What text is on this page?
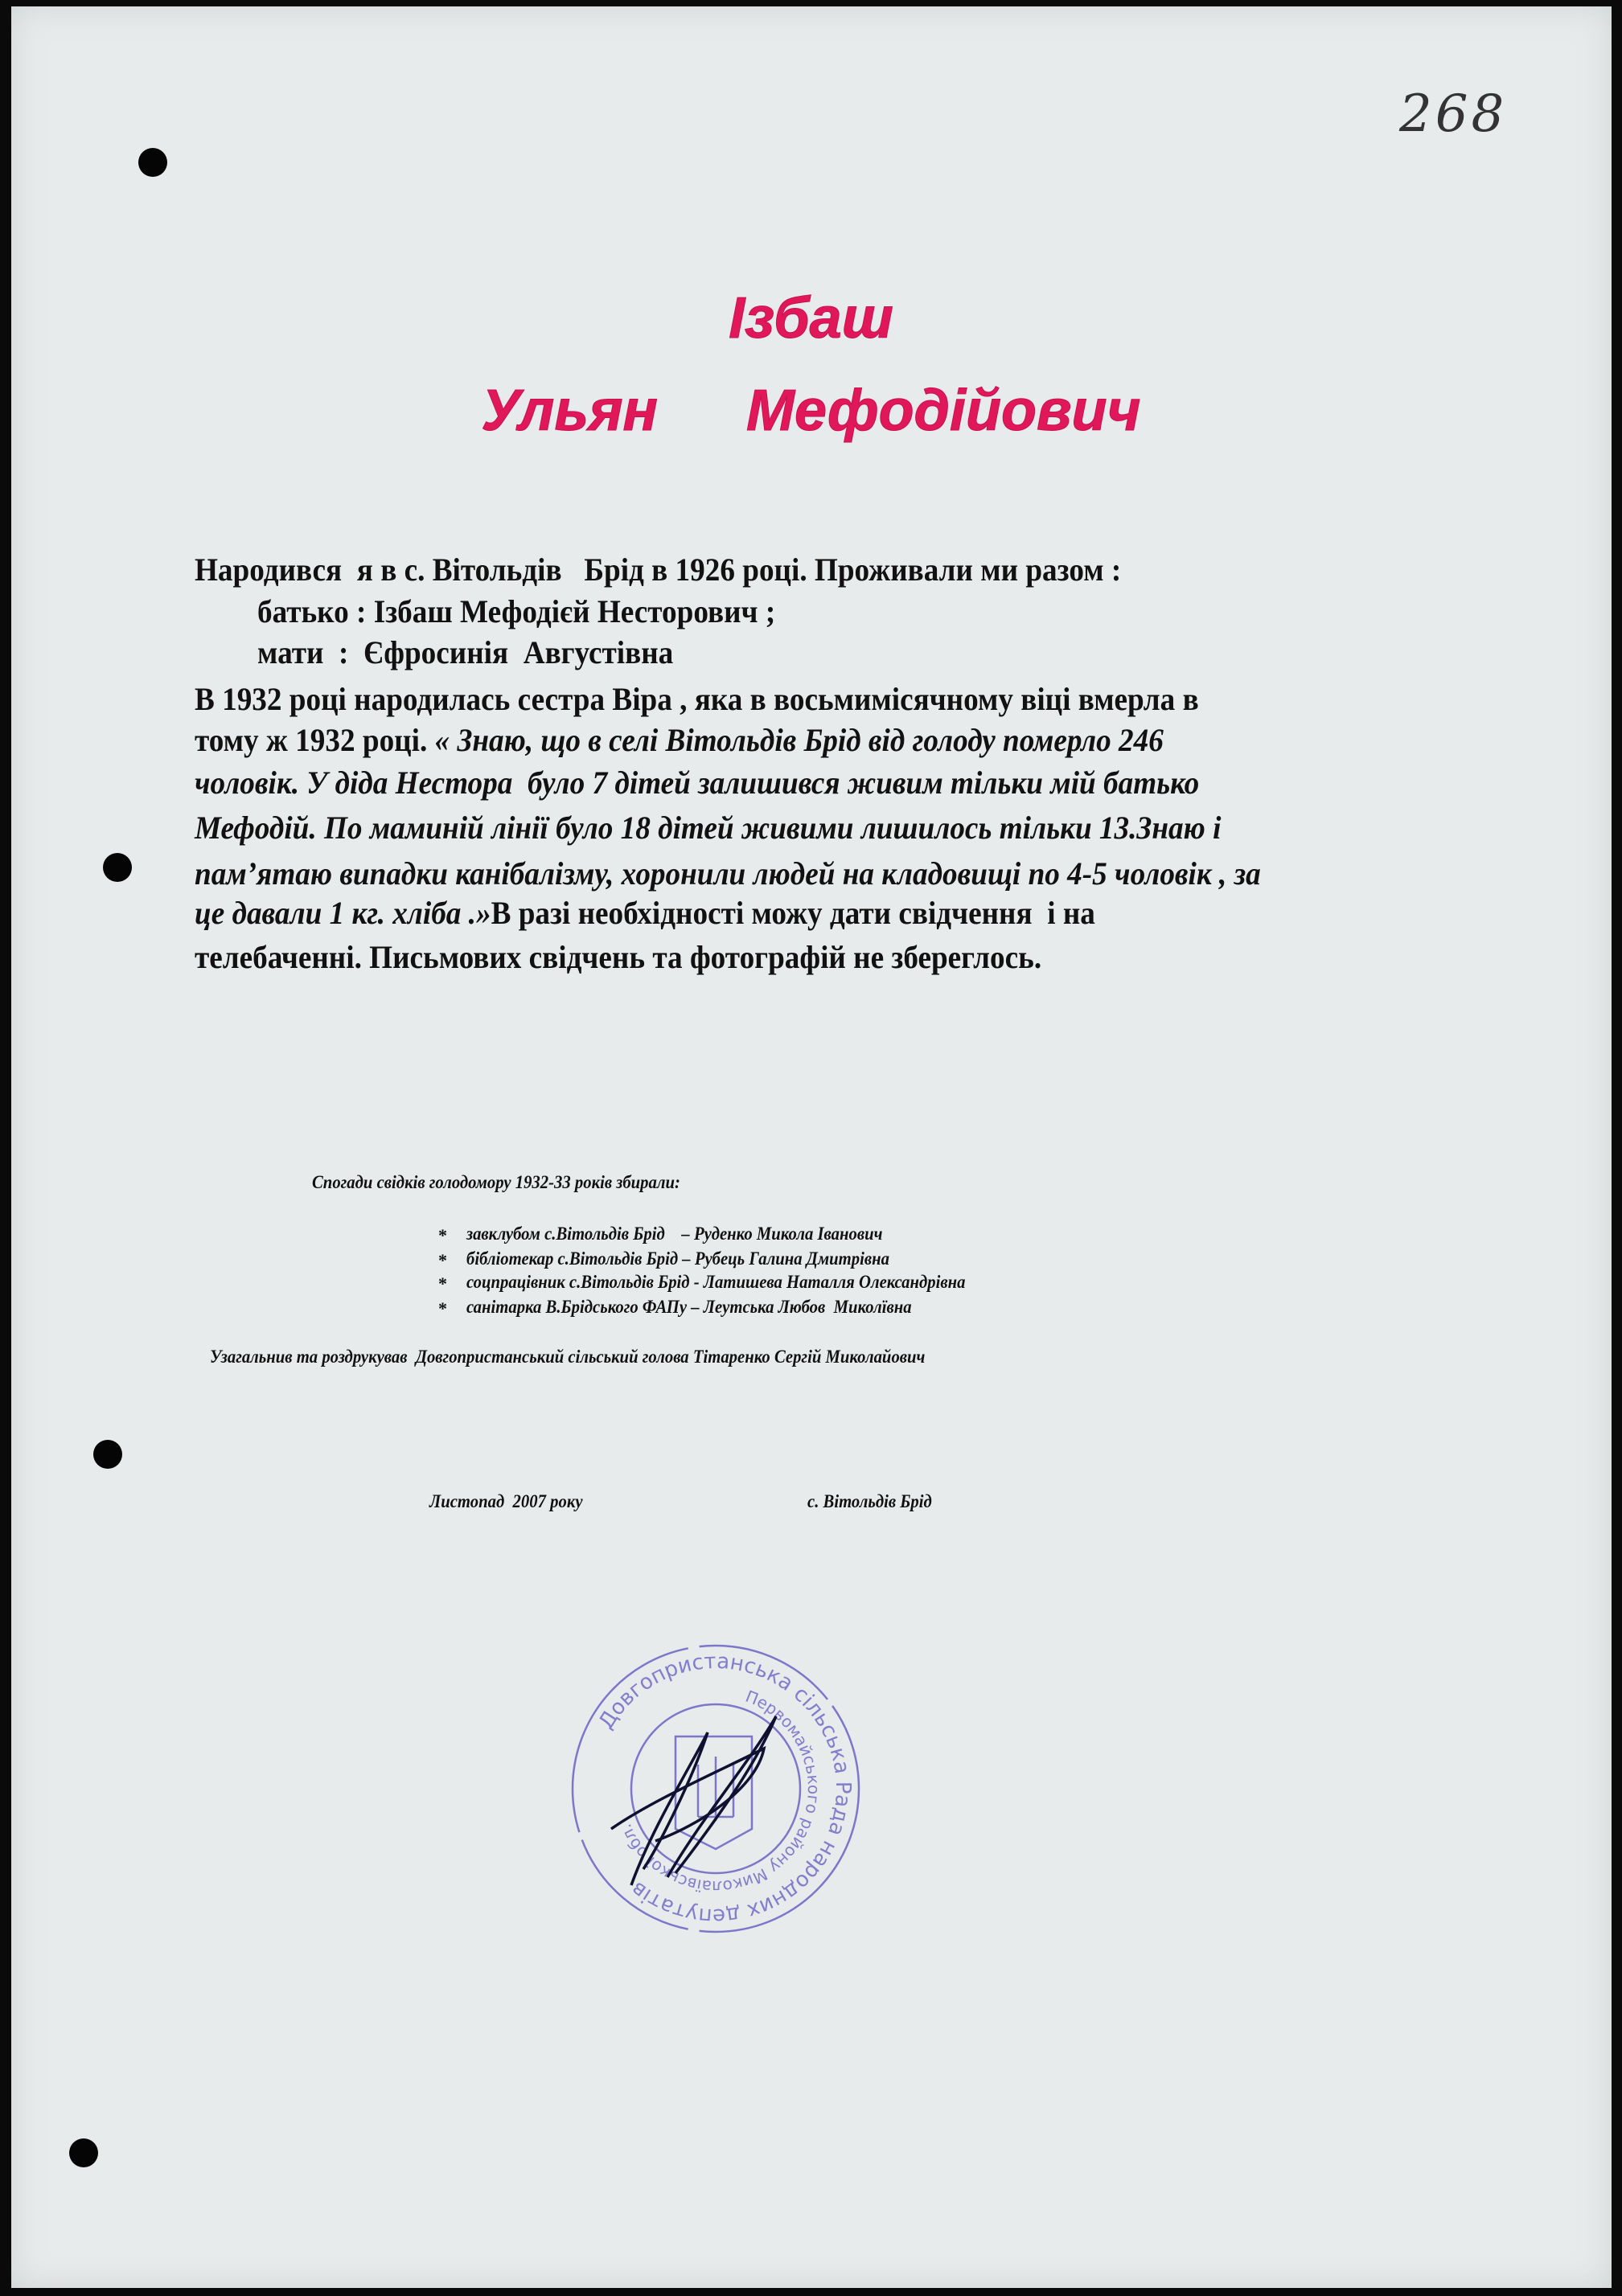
268
Ізбаш
Ульян Мефодійович
Народився  я в с. Вітольдів   Брід в 1926 році. Проживали ми разом :
батько : Ізбаш Мефодієй Несторович ;
мати  :  Єфросинія  Августівна
В 1932 році народилась сестра Віра , яка в восьмимісячному віці вмерла в
тому ж 1932 році. « Знаю, що в селі Вітольдів Брід від голоду померло 246
чоловік. У діда Нестора  було 7 дітей залишився живим тільки мій батько
Мефодій. По маминій лінії було 18 дітей живими лишилось тільки 13.Знаю і
пам’ятаю випадки канібалізму, хоронили людей на кладовищі по 4-5 чоловік , за
це давали 1 кг. хліба .»В разі необхідності можу дати свідчення  і на
телебаченні. Письмових свідчень та фотографій не збереглось.
Спогади свідків голодомору 1932-33 років збирали:
* завклубом с.Вітольдів Брід    – Руденко Микола Іванович
* бібліотекар с.Вітольдів Брід – Рубець Галина Дмитрівна
* соцпрацівник с.Вітольдів Брід - Латишева Наталля Олександрівна
* санітарка В.Брідського ФАПу – Леутська Любов  Миколївна
Узагальнив та роздрукував  Довгопристанський сільський голова Тітаренко Сергій Миколайович
Листопад  2007 року	с. Вітольдів Брід
Довгопристанська сільська Рада народних депутатів
Первомайського району Миколаївської обл.
